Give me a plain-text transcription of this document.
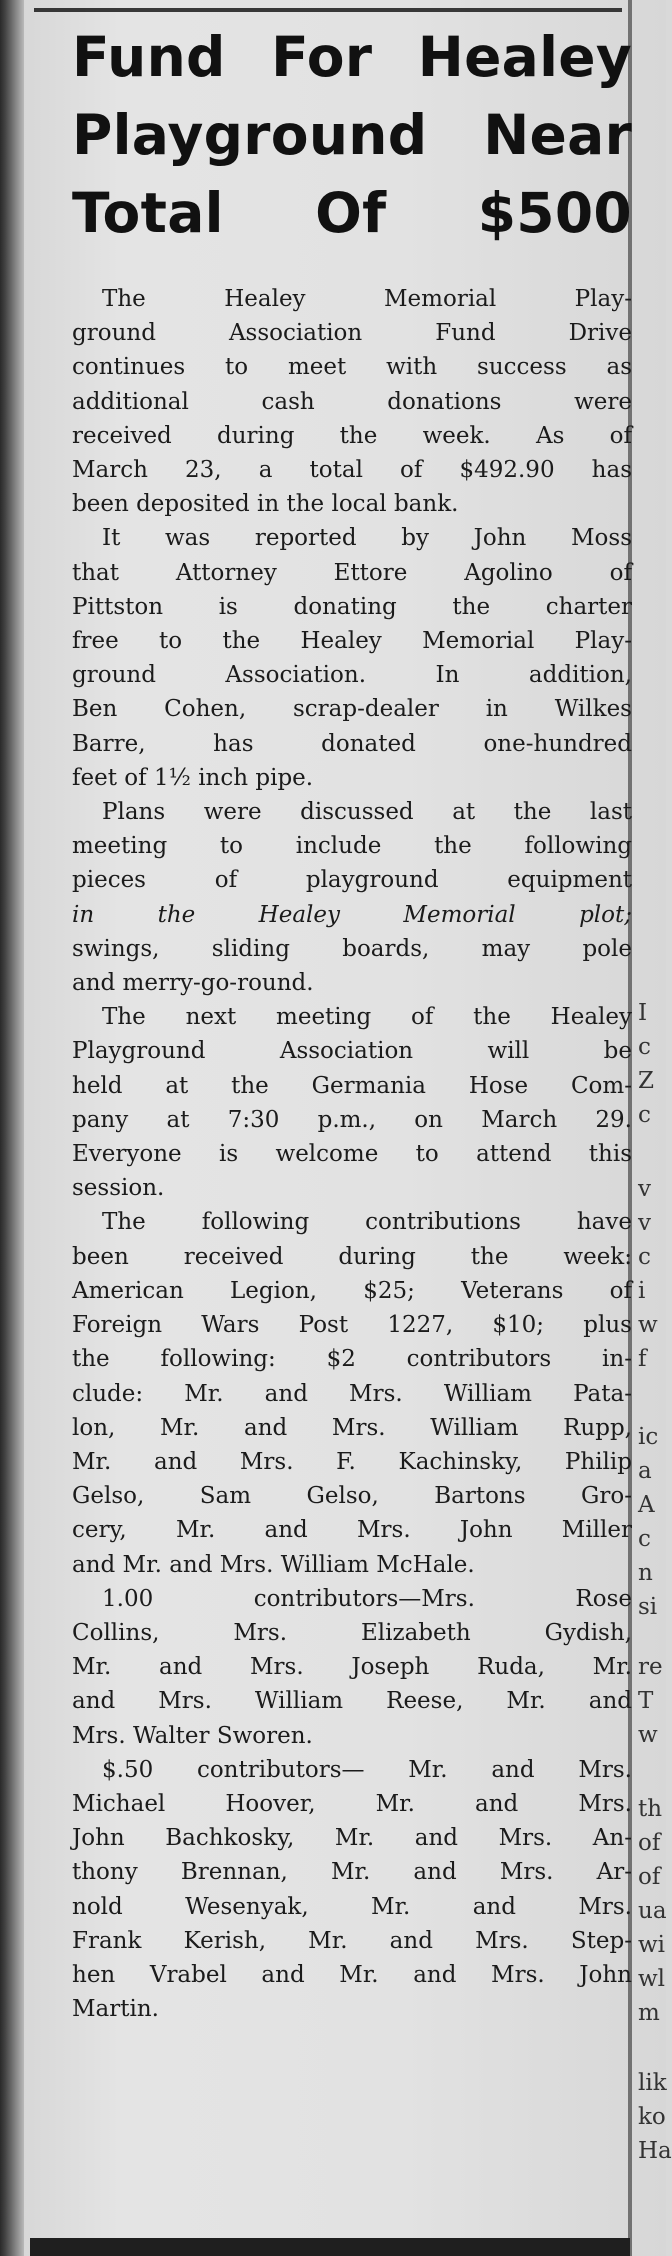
Fund For Healey
Playground Near
Total Of $500

The Healey Memorial Play-
ground Association Fund Drive
continues to meet with success as
additional cash donations were
received during the week. As of
March 23, a total of $492.90 has
been deposited in the local bank.

It was reported by John Moss
that Attorney Ettore Agolino of
Pittston is donating the charter
free to the Healey Memorial Play-
ground Association. In addition,
Ben Cohen, scrap-dealer in Wilkes
Barre, has donated one-hundred
feet of 1½ inch pipe.

Plans were discussed at the last
meeting to include the following
pieces of playground equipment
in the Healey Memorial plot;
swings, sliding boards, may pole
and merry-go-round.

The next meeting of the Healey
Playground Association will be
held at the Germania Hose Com-
pany at 7:30 p.m., on March 29.
Everyone is welcome to attend this
session.

The following contributions have
been received during the week:
American Legion, $25; Veterans of
Foreign Wars Post 1227, $10; plus
the following: $2 contributors in-
clude: Mr. and Mrs. William Pata-
lon, Mr. and Mrs. William Rupp,
Mr. and Mrs. F. Kachinsky, Philip
Gelso, Sam Gelso, Bartons Gro-
cery, Mr. and Mrs. John Miller
and Mr. and Mrs. William McHale.

1.00 contributors—Mrs. Rose
Collins, Mrs. Elizabeth Gydish,
Mr. and Mrs. Joseph Ruda, Mr.
and Mrs. William Reese, Mr. and
Mrs. Walter Sworen.

$.50 contributors— Mr. and Mrs.
Michael Hoover, Mr. and Mrs.
John Bachkosky, Mr. and Mrs. An-
thony Brennan, Mr. and Mrs. Ar-
nold Wesenyak, Mr. and Mrs.
Frank Kerish, Mr. and Mrs. Step-
hen Vrabel and Mr. and Mrs. John
Martin.

I
c
Z
c
v
v
c
i
w
f
ic
a
A
c
n
si
re
T
w
th
of
of
ua
wi
wl
m
lik
ko
Ha
